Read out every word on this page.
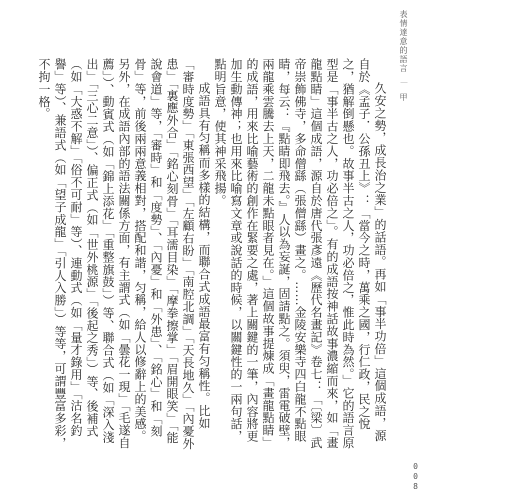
表情達意的語言
｜
甲

久安之勢，成長治之業」的話語。再如「事半功倍」這個成語，源自於《孟子．公孫丑上》：「當今之時，萬乘之國，行仁政，民之悅之，猶解倒懸也。故事半古之人，功必倍之，惟此時為然。」它的語言原型是「事半古之人，功必倍之」。有的成語按神話故事濃縮而來，如「畫龍點睛」這個成語，源自於唐代張彥遠《歷代名畫記》卷七：「〔梁〕武帝崇飾佛寺，多命僧繇（張僧繇）畫之。……金陵安樂寺四白龍不點眼睛，每云：『點睛即飛去。』人以為妄誕，固請點之。須臾，雷電破壁，兩龍乘雲騰去上天，二龍未點眼者見在。」這個故事提煉成「畫龍點睛」的成語，用來比喻藝術的創作在緊要之處，著上關鍵的一筆，內容將更加生動傳神；也用來比喻寫文章或說話的時候，以關鍵性的一兩句話，點明旨意，使其神采飛揚。

成語具有匀稱而多樣的結構，而聯合式成語最富有匀稱性。比如「審時度勢」「東張西望」「左顧右盼」「南腔北調」「天長地久」「內憂外患」「裏應外合」「銘心刻骨」「耳濡目染」「摩拳擦掌」「眉開眼笑」「能說會道」等，「審時」和「度勢」、「內憂」和「外患」、「銘心」和「刻骨」等，前後兩兩意義相對，搭配和諧，匀稱，給人以修辭上的美感。另外，在成語內部的語法關係方面，有主謂式（如「曇花一現」「毛遂自薦」）、動賓式（如「錦上添花」「重整旗鼓」）等、聯合式（如「深入淺出」「三心二意」）、偏正式（如「世外桃源」「後起之秀」）等、後補式（如「大惑不解」「俗不可耐」等）、連動式（如「量才錄用」「沽名釣譽」等）、兼語式（如「望子成龍」「引人入勝」）等等，可謂豐富多彩，不拘一格。

008
